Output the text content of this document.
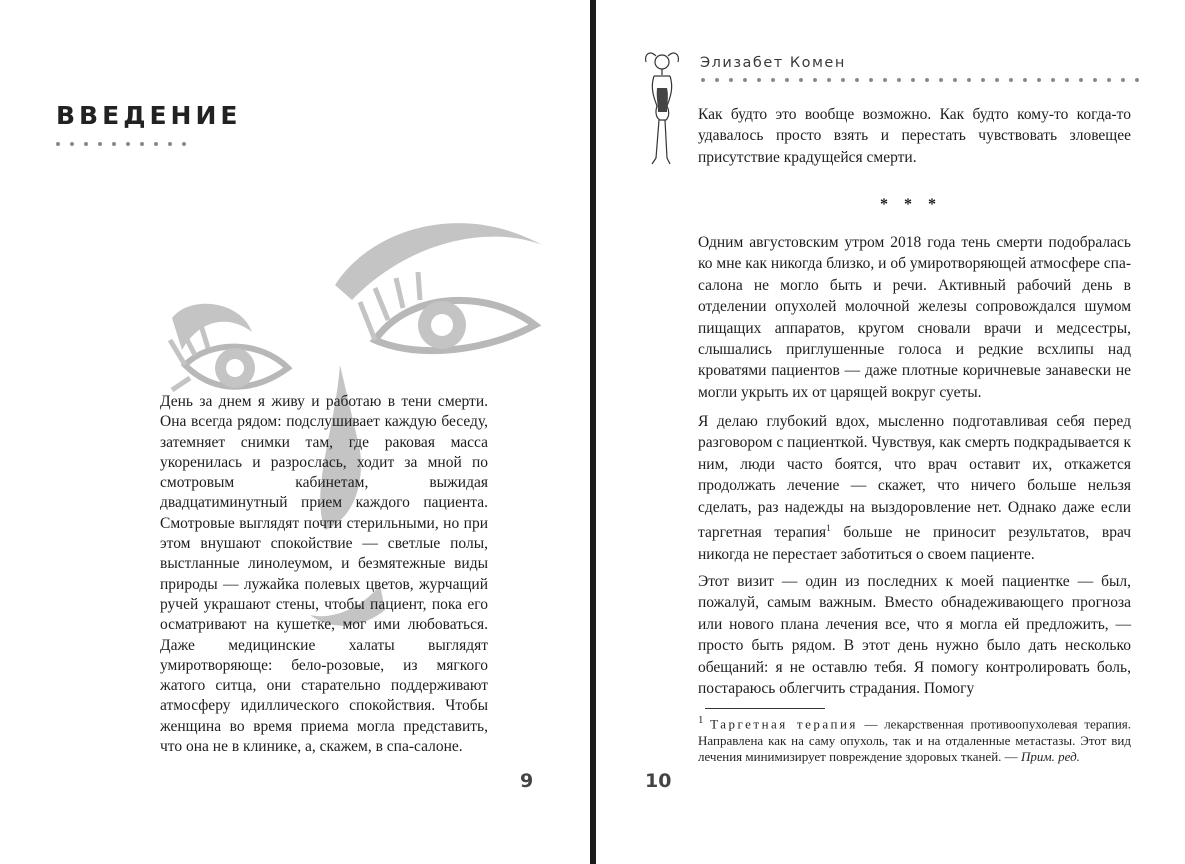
ВВЕДЕНИЕ

День за днем я живу и работаю в тени смерти. Она всегда рядом: подслушивает каждую беседу, затемняет снимки там, где раковая масса укоренилась и разрослась, ходит за мной по смотровым кабинетам, выжидая двадцатиминутный прием каждого пациента. Смотровые выглядят почти стерильными, но при этом внушают спокойствие — светлые полы, выстланные линолеумом, и безмятежные виды природы — лужайка полевых цветов, журчащий ручей украшают стены, чтобы пациент, пока его осматривают на кушетке, мог ими любоваться. Даже медицинские халаты выглядят умиротворяюще: бело-розовые, из мягкого жатого ситца, они старательно поддерживают атмосферу идиллического спокойствия. Чтобы женщина во время приема могла представить, что она не в клинике, а, скажем, в спа-салоне.

9
Элизабет Комен

Как будто это вообще возможно. Как будто кому-то когда-то удавалось просто взять и перестать чувствовать зловещее присутствие крадущейся смерти.

* * *

Одним августовским утром 2018 года тень смерти подобралась ко мне как никогда близко, и об умиротворяющей атмосфере спа-салона не могло быть и речи. Активный рабочий день в отделении опухолей молочной железы сопровождался шумом пищащих аппаратов, кругом сновали врачи и медсестры, слышались приглушенные голоса и редкие всхлипы над кроватями пациентов — даже плотные коричневые занавески не могли укрыть их от царящей вокруг суеты.

Я делаю глубокий вдох, мысленно подготавливая себя перед разговором с пациенткой. Чувствуя, как смерть подкрадывается к ним, люди часто боятся, что врач оставит их, откажется продолжать лечение — скажет, что ничего больше нельзя сделать, раз надежды на выздоровление нет. Однако даже если таргетная терапия$^1$ больше не приносит результатов, врач никогда не перестает заботиться о своем пациенте.

Этот визит — один из последних к моей пациентке — был, пожалуй, самым важным. Вместо обнадеживающего прогноза или нового плана лечения все, что я могла ей предложить, — просто быть рядом. В этот день нужно было дать несколько обещаний: я не оставлю тебя. Я помогу контролировать боль, постараюсь облегчить страдания. Помогу

$^1$ Таргетная терапия — лекарственная противоопухолевая терапия. Направлена как на саму опухоль, так и на отдаленные метастазы. Этот вид лечения минимизирует повреждение здоровых тканей. — Прим. ред.

10
